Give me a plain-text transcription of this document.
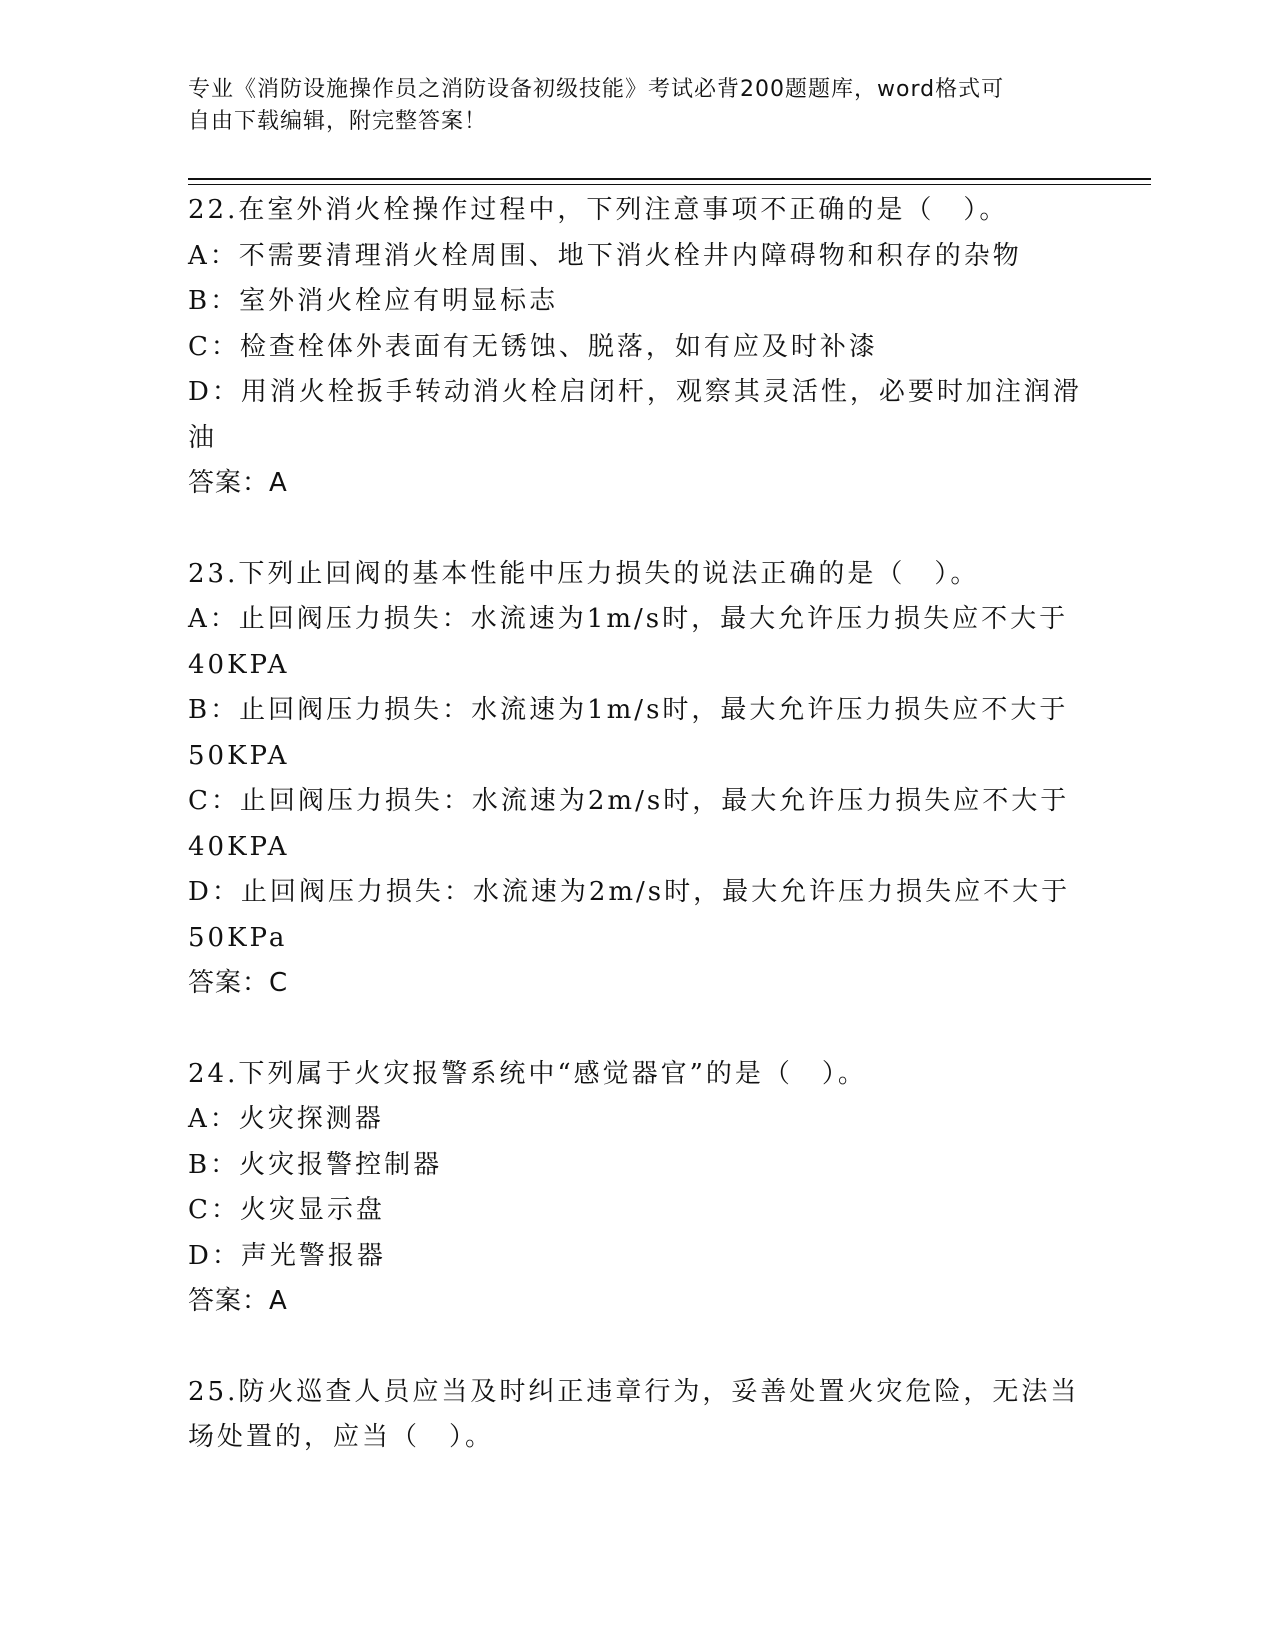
专业《消防设施操作员之消防设备初级技能》考试必背200题题库，word格式可
自由下载编辑，附完整答案！
22.在室外消火栓操作过程中，下列注意事项不正确的是（　）。
A：不需要清理消火栓周围、地下消火栓井内障碍物和积存的杂物
B：室外消火栓应有明显标志
C：检查栓体外表面有无锈蚀、脱落，如有应及时补漆
D：用消火栓扳手转动消火栓启闭杆，观察其灵活性，必要时加注润滑油
答案：A
23.下列止回阀的基本性能中压力损失的说法正确的是（　）。
A：止回阀压力损失：水流速为1m/s时，最大允许压力损失应不大于40KPA
B：止回阀压力损失：水流速为1m/s时，最大允许压力损失应不大于50KPA
C：止回阀压力损失：水流速为2m/s时，最大允许压力损失应不大于40KPA
D：止回阀压力损失：水流速为2m/s时，最大允许压力损失应不大于50KPa
答案：C
24.下列属于火灾报警系统中“感觉器官”的是（　）。
A：火灾探测器
B：火灾报警控制器
C：火灾显示盘
D：声光警报器
答案：A
25.防火巡查人员应当及时纠正违章行为，妥善处置火灾危险，无法当场处置的，应当（　）。
